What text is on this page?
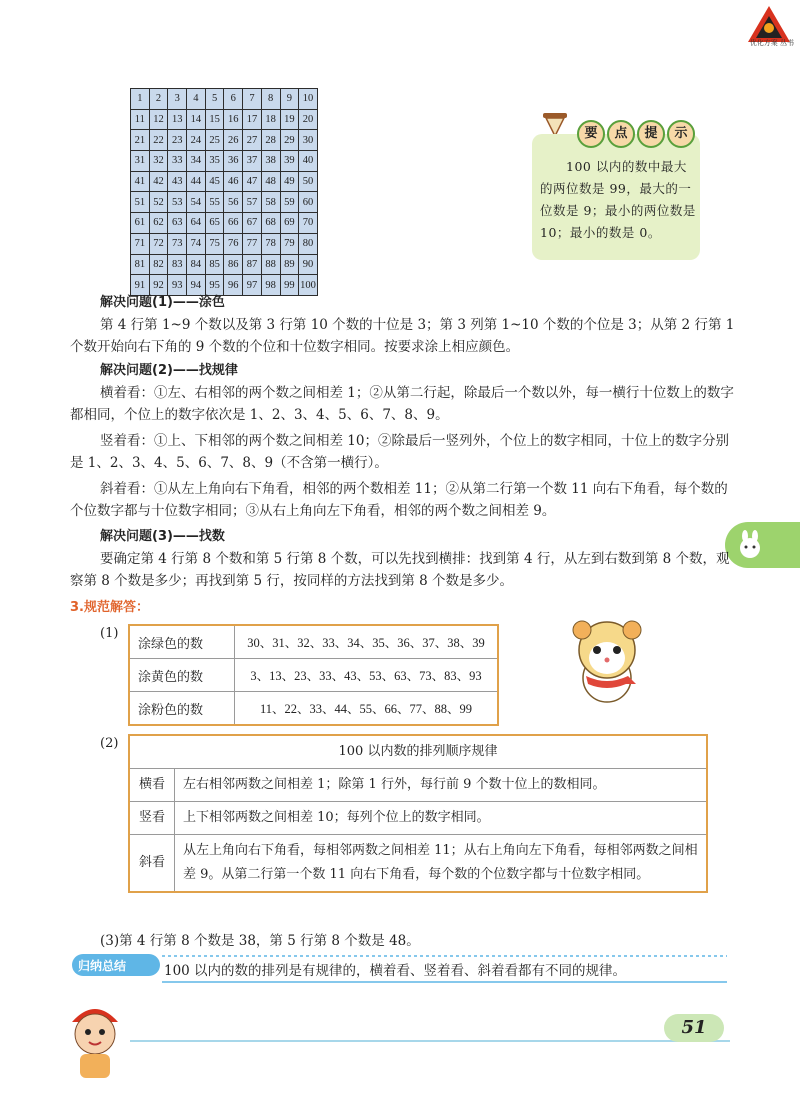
优化方案 丛书
1	2	3	4	5	6	7	8	9	10
11	12	13	14	15	16	17	18	19	20
21	22	23	24	25	26	27	28	29	30
31	32	33	34	35	36	37	38	39	40
41	42	43	44	45	46	47	48	49	50
51	52	53	54	55	56	57	58	59	60
61	62	63	64	65	66	67	68	69	70
71	72	73	74	75	76	77	78	79	80
81	82	83	84	85	86	87	88	89	90
91	92	93	94	95	96	97	98	99	100
要 点 提 示
100 以内的数中最大的两位数是 99，最大的一位数是 9；最小的两位数是 10；最小的数是 0。
解决问题(1)——涂色
第 4 行第 1~9 个数以及第 3 行第 10 个数的十位是 3；第 3 列第 1~10 个数的个位是 3；从第 2 行第 1 个数开始向右下角的 9 个数的个位和十位数字相同。按要求涂上相应颜色。
解决问题(2)——找规律
横着看：①左、右相邻的两个数之间相差 1；②从第二行起，除最后一个数以外，每一横行十位数上的数字都相同，个位上的数字依次是 1、2、3、4、5、6、7、8、9。
竖着看：①上、下相邻的两个数之间相差 10；②除最后一竖列外，个位上的数字相同，十位上的数字分别是 1、2、3、4、5、6、7、8、9（不含第一横行）。
斜着看：①从左上角向右下角看，相邻的两个数相差 11；②从第二行第一个数 11 向右下角看，每个数的个位数字都与十位数字相同；③从右上角向左下角看，相邻的两个数之间相差 9。
解决问题(3)——找数
要确定第 4 行第 8 个数和第 5 行第 8 个数，可以先找到横排：找到第 4 行，从左到右数到第 8 个数，观察第 8 个数是多少；再找到第 5 行，按同样的方法找到第 8 个数是多少。
3.规范解答：
(1)
涂绿色的数	30、31、32、33、34、35、36、37、38、39
涂黄色的数	3、13、23、33、43、53、63、73、83、93
涂粉色的数	11、22、33、44、55、66、77、88、99
(2)
100 以内数的排列顺序规律	
横看	左右相邻两数之间相差 1；除第 1 行外，每行前 9 个数十位上的数相同。
竖看	上下相邻两数之间相差 10；每列个位上的数字相同。
斜看	从左上角向右下角看，每相邻两数之间相差 11；从右上角向左下角看，每相邻两数之间相差 9。从第二行第一个数 11 向右下角看，每个数的个位数字都与十位数字相同。
(3)第 4 行第 8 个数是 38，第 5 行第 8 个数是 48。
归纳总结	100 以内的数的排列是有规律的，横着看、竖着看、斜着看都有不同的规律。
51
